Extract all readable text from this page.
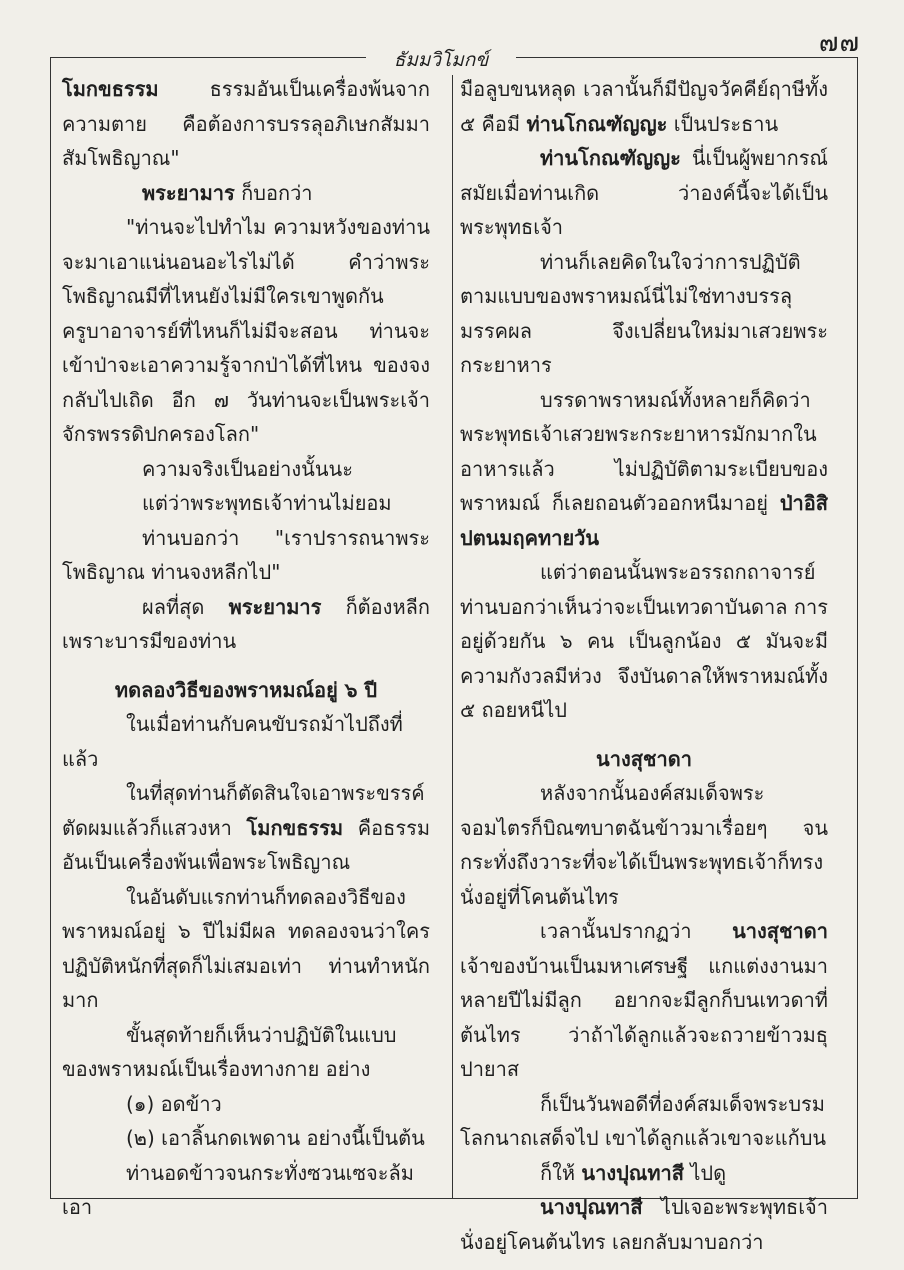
๗๗
ธัมมวิโมกข์

โมกขธรรม ธรรมอันเป็นเครื่องพ้นจากความตาย คือต้องการบรรลุอภิเษกสัมมาสัมโพธิญาณ"

พระยามาร ก็บอกว่า

"ท่านจะไปทำไม ความหวังของท่านจะมาเอาแน่นอนอะไรไม่ได้ คำว่าพระโพธิญาณมีที่ไหนยังไม่มีใครเขาพูดกัน ครูบาอาจารย์ที่ไหนก็ไม่มีจะสอน ท่านจะเข้าป่าจะเอาความรู้จากป่าได้ที่ไหน ของจงกลับไปเถิด อีก ๗ วันท่านจะเป็นพระเจ้าจักรพรรดิปกครองโลก"

ความจริงเป็นอย่างนั้นนะ

แต่ว่าพระพุทธเจ้าท่านไม่ยอม

ท่านบอกว่า "เราปรารถนาพระโพธิญาณ ท่านจงหลีกไป"

ผลที่สุด พระยามาร ก็ต้องหลีก เพราะบารมีของท่าน

ทดลองวิธีของพราหมณ์อยู่ ๖ ปี

ในเมื่อท่านกับคนขับรถม้าไปถึงที่แล้ว

ในที่สุดท่านก็ตัดสินใจเอาพระขรรค์ตัดผมแล้วก็แสวงหา โมกขธรรม คือธรรมอันเป็นเครื่องพ้นเพื่อพระโพธิญาณ

ในอันดับแรกท่านก็ทดลองวิธีของพราหมณ์อยู่ ๖ ปีไม่มีผล ทดลองจนว่าใครปฏิบัติหนักที่สุดก็ไม่เสมอเท่า ท่านทำหนักมาก

ขั้นสุดท้ายก็เห็นว่าปฏิบัติในแบบของพราหมณ์เป็นเรื่องทางกาย อย่าง

(๑) อดข้าว

(๒) เอาลิ้นกดเพดาน อย่างนี้เป็นต้น

ท่านอดข้าวจนกระทั่งซวนเซจะล้ม เอา

มือลูบขนหลุด เวลานั้นก็มีปัญจวัคคีย์ฤาษีทั้ง ๕ คือมี ท่านโกณฑัญญะ เป็นประธาน

ท่านโกณฑัญญะ นี่เป็นผู้พยากรณ์สมัยเมื่อท่านเกิด ว่าองค์นี้จะได้เป็นพระพุทธเจ้า

ท่านก็เลยคิดในใจว่าการปฏิบัติตามแบบของพราหมณ์นี่ไม่ใช่ทางบรรลุมรรคผล จึงเปลี่ยนใหม่มาเสวยพระกระยาหาร

บรรดาพราหมณ์ทั้งหลายก็คิดว่าพระพุทธเจ้าเสวยพระกระยาหารมักมากในอาหารแล้ว ไม่ปฏิบัติตามระเบียบของพราหมณ์ ก็เลยถอนตัวออกหนีมาอยู่ ป่าอิสิปตนมฤคทายวัน

แต่ว่าตอนนั้นพระอรรถกถาจารย์ท่านบอกว่าเห็นว่าจะเป็นเทวดาบันดาล การอยู่ด้วยกัน ๖ คน เป็นลูกน้อง ๕ มันจะมีความกังวลมีห่วง จึงบันดาลให้พราหมณ์ทั้ง ๕ ถอยหนีไป

นางสุชาดา

หลังจากนั้นองค์สมเด็จพระจอมไตรก็บิณฑบาตฉันข้าวมาเรื่อยๆ จนกระทั่งถึงวาระที่จะได้เป็นพระพุทธเจ้าก็ทรงนั่งอยู่ที่โคนต้นไทร

เวลานั้นปรากฏว่า นางสุชาดา เจ้าของบ้านเป็นมหาเศรษฐี แกแต่งงานมาหลายปีไม่มีลูก อยากจะมีลูกก็บนเทวดาที่ต้นไทร ว่าถ้าได้ลูกแล้วจะถวายข้าวมธุปายาส

ก็เป็นวันพอดีที่องค์สมเด็จพระบรมโลกนาถเสด็จไป เขาได้ลูกแล้วเขาจะแก้บน

ก็ให้ นางปุณทาสี ไปดู

นางปุณทาสี ไปเจอะพระพุทธเจ้านั่งอยู่โคนต้นไทร เลยกลับมาบอกว่า
